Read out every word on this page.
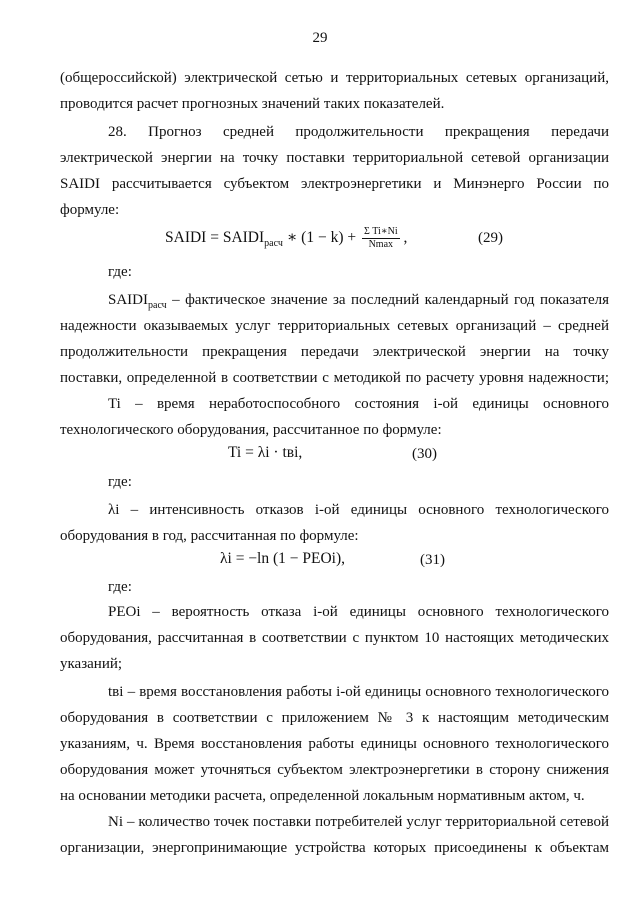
29
(общероссийской) электрической сетью и территориальных сетевых организаций,
проводится расчет прогнозных значений таких показателей.
28. Прогноз средней продолжительности прекращения передачи
электрической энергии на точку поставки территориальной сетевой организации
SAIDI рассчитывается субъектом электроэнергетики и Минэнерго России по
формуле:
SAIDI = $SAIDI_{расч}$ ∗ $(1 - k) + \frac{\text{Σ Ti∗Ni}}{Nmax}$ ,	(29)
где:
$SAIDI_{расч}$ – фактическое значение за последний календарный год показателя
надежности оказываемых услуг территориальных сетевых организаций – средней
продолжительности прекращения передачи электрической энергии на точку
поставки, определенной в соответствии с методикой по расчету уровня надежности;
Ti – время неработоспособного состояния i-ой единицы основного
технологического оборудования, рассчитанное по формуле:
Ti = λi · tвi,	(30)
где:
λi – интенсивность отказов i-ой единицы основного технологического
оборудования в год, рассчитанная по формуле:
λi = −ln (1 − PEOi),	(31)
где:
PEOi – вероятность отказа i-ой единицы основного технологического
оборудования, рассчитанная в соответствии с пунктом 10 настоящих методических
указаний;
tвi – время восстановления работы i-ой единицы основного технологического
оборудования в соответствии с приложением № 3 к настоящим методическим
указаниям, ч. Время восстановления работы единицы основного технологического
оборудования может уточняться субъектом электроэнергетики в сторону снижения
на основании методики расчета, определенной локальным нормативным актом, ч.
Ni – количество точек поставки потребителей услуг территориальной сетевой
организации, энергопринимающие устройства которых присоединены к объектам
